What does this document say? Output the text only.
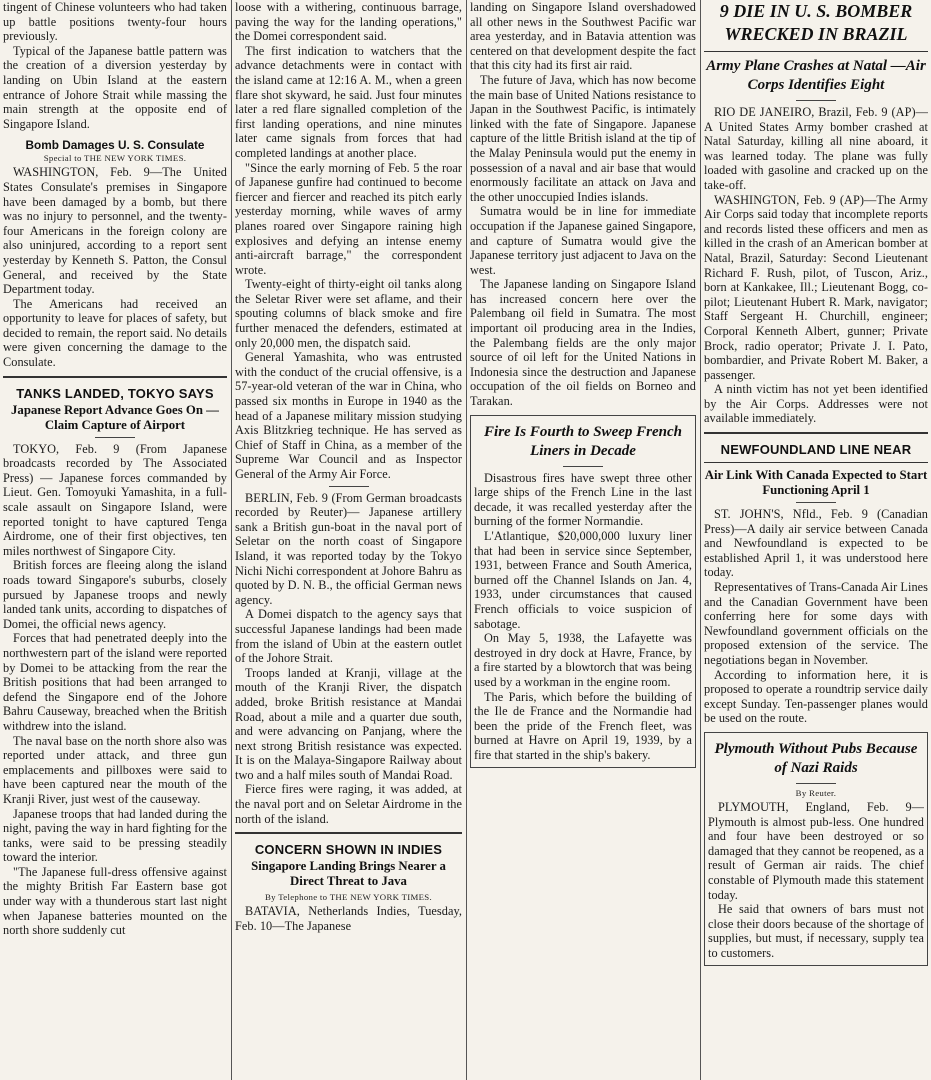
tingent of Chinese volunteers who had taken up battle positions twenty-four hours previously.

Typical of the Japanese battle pattern was the creation of a diversion yesterday by landing on Ubin Island at the eastern entrance of Johore Strait while massing the main strength at the opposite end of Singapore Island.

Bomb Damages U. S. Consulate
Special to THE NEW YORK TIMES.

WASHINGTON, Feb. 9—The United States Consulate's premises in Singapore have been damaged by a bomb, but there was no injury to personnel, and the twenty-four Americans in the foreign colony are also uninjured, according to a report sent yesterday by Kenneth S. Patton, the Consul General, and received by the State Department today.

The Americans had received an opportunity to leave for places of safety, but decided to remain, the report said. No details were given concerning the damage to the Consulate.

TANKS LANDED, TOKYO SAYS
Japanese Report Advance Goes On —Claim Capture of Airport

TOKYO, Feb. 9 (From Japanese broadcasts recorded by The Associated Press) — Japanese forces commanded by Lieut. Gen. Tomoyuki Yamashita, in a full-scale assault on Singapore Island, were reported tonight to have captured Tenga Airdrome, one of their first objectives, ten miles northwest of Singapore City.

British forces are fleeing along the island roads toward Singapore's suburbs, closely pursued by Japanese troops and newly landed tank units, according to dispatches of Domei, the official news agency.

Forces that had penetrated deeply into the northwestern part of the island were reported by Domei to be attacking from the rear the British positions that had been arranged to defend the Singapore end of the Johore Bahru Causeway, breached when the British withdrew into the island.

The naval base on the north shore also was reported under attack, and three gun emplacements and pillboxes were said to have been captured near the mouth of the Kranji River, just west of the causeway.

Japanese troops that had landed during the night, paving the way in hard fighting for the tanks, were said to be pressing steadily toward the interior.

"The Japanese full-dress offensive against the mighty British Far Eastern base got under way with a thunderous start last night when Japanese batteries mounted on the north shore suddenly cut

loose with a withering, continuous barrage, paving the way for the landing operations," the Domei correspondent said.

The first indication to watchers that the advance detachments were in contact with the island came at 12:16 A. M., when a green flare shot skyward, he said. Just four minutes later a red flare signalled completion of the first landing operations, and nine minutes later came signals from forces that had completed landings at another place.

"Since the early morning of Feb. 5 the roar of Japanese gunfire had continued to become fiercer and fiercer and reached its pitch early yesterday morning, while waves of army planes roared over Singapore raining high explosives and defying an intense enemy anti-aircraft barrage," the correspondent wrote.

Twenty-eight of thirty-eight oil tanks along the Seletar River were set aflame, and their spouting columns of black smoke and fire further menaced the defenders, estimated at only 20,000 men, the dispatch said.

General Yamashita, who was entrusted with the conduct of the crucial offensive, is a 57-year-old veteran of the war in China, who passed six months in Europe in 1940 as the head of a Japanese military mission studying Axis Blitzkrieg technique. He has served as Chief of Staff in China, as a member of the Supreme War Council and as Inspector General of the Army Air Force.

BERLIN, Feb. 9 (From German broadcasts recorded by Reuter)— Japanese artillery sank a British gun-boat in the naval port of Seletar on the north coast of Singapore Island, it was reported today by the Tokyo Nichi Nichi correspondent at Johore Bahru as quoted by D. N. B., the official German news agency.

A Domei dispatch to the agency says that successful Japanese landings had been made from the island of Ubin at the eastern outlet of the Johore Strait.

Troops landed at Kranji, village at the mouth of the Kranji River, the dispatch added, broke British resistance at Mandai Road, about a mile and a quarter due south, and were advancing on Panjang, where the next strong British resistance was expected. It is on the Malaya-Singapore Railway about two and a half miles south of Mandai Road.

Fierce fires were raging, it was added, at the naval port and on Seletar Airdrome in the north of the island.

CONCERN SHOWN IN INDIES
Singapore Landing Brings Nearer a Direct Threat to Java
By Telephone to THE NEW YORK TIMES.

BATAVIA, Netherlands Indies, Tuesday, Feb. 10—The Japanese

landing on Singapore Island overshadowed all other news in the Southwest Pacific war area yesterday, and in Batavia attention was centered on that development despite the fact that this city had its first air raid.

The future of Java, which has now become the main base of United Nations resistance to Japan in the Southwest Pacific, is intimately linked with the fate of Singapore. Japanese capture of the little British island at the tip of the Malay Peninsula would put the enemy in possession of a naval and air base that would enormously facilitate an attack on Java and the other unoccupied Indies islands.

Sumatra would be in line for immediate occupation if the Japanese gained Singapore, and capture of Sumatra would give the Japanese territory just adjacent to Java on the west.

The Japanese landing on Singapore Island has increased concern here over the Palembang oil field in Sumatra. The most important oil producing area in the Indies, the Palembang fields are the only major source of oil left for the United Nations in Indonesia since the destruction and Japanese occupation of the oil fields on Borneo and Tarakan.

Fire Is Fourth to Sweep French Liners in Decade

Disastrous fires have swept three other large ships of the French Line in the last decade, it was recalled yesterday after the burning of the former Normandie.

L'Atlantique, $20,000,000 luxury liner that had been in service since September, 1931, between France and South America, burned off the Channel Islands on Jan. 4, 1933, under circumstances that caused French officials to voice suspicion of sabotage.

On May 5, 1938, the Lafayette was destroyed in dry dock at Havre, France, by a fire started by a blowtorch that was being used by a workman in the engine room.

The Paris, which before the building of the Ile de France and the Normandie had been the pride of the French fleet, was burned at Havre on April 19, 1939, by a fire that started in the ship's bakery.

9 DIE IN U. S. BOMBER WRECKED IN BRAZIL
Army Plane Crashes at Natal —Air Corps Identifies Eight

RIO DE JANEIRO, Brazil, Feb. 9 (AP)—A United States Army bomber crashed at Natal Saturday, killing all nine aboard, it was learned today. The plane was fully loaded with gasoline and cracked up on the take-off.

WASHINGTON, Feb. 9 (AP)—The Army Air Corps said today that incomplete reports and records listed these officers and men as killed in the crash of an American bomber at Natal, Brazil, Saturday: Second Lieutenant Richard F. Rush, pilot, of Tuscon, Ariz., born at Kankakee, Ill.; Lieutenant Bogg, co-pilot; Lieutenant Hubert R. Mark, navigator; Staff Sergeant H. Churchill, engineer; Corporal Kenneth Albert, gunner; Private Brock, radio operator; Private J. I. Pato, bombardier, and Private Robert M. Baker, a passenger.

A ninth victim has not yet been identified by the Air Corps. Addresses were not available immediately.

NEWFOUNDLAND LINE NEAR
Air Link With Canada Expected to Start Functioning April 1

ST. JOHN'S, Nfld., Feb. 9 (Canadian Press)—A daily air service between Canada and Newfoundland is expected to be established April 1, it was understood here today.

Representatives of Trans-Canada Air Lines and the Canadian Government have been conferring here for some days with Newfoundland government officials on the proposed extension of the service. The negotiations began in November.

According to information here, it is proposed to operate a roundtrip service daily except Sunday. Ten-passenger planes would be used on the route.

Plymouth Without Pubs Because of Nazi Raids
By Reuter.

PLYMOUTH, England, Feb. 9—Plymouth is almost pub-less. One hundred and four have been destroyed or so damaged that they cannot be reopened, as a result of German air raids. The chief constable of Plymouth made this statement today.

He said that owners of bars must not close their doors because of the shortage of supplies, but must, if necessary, supply tea to customers.
